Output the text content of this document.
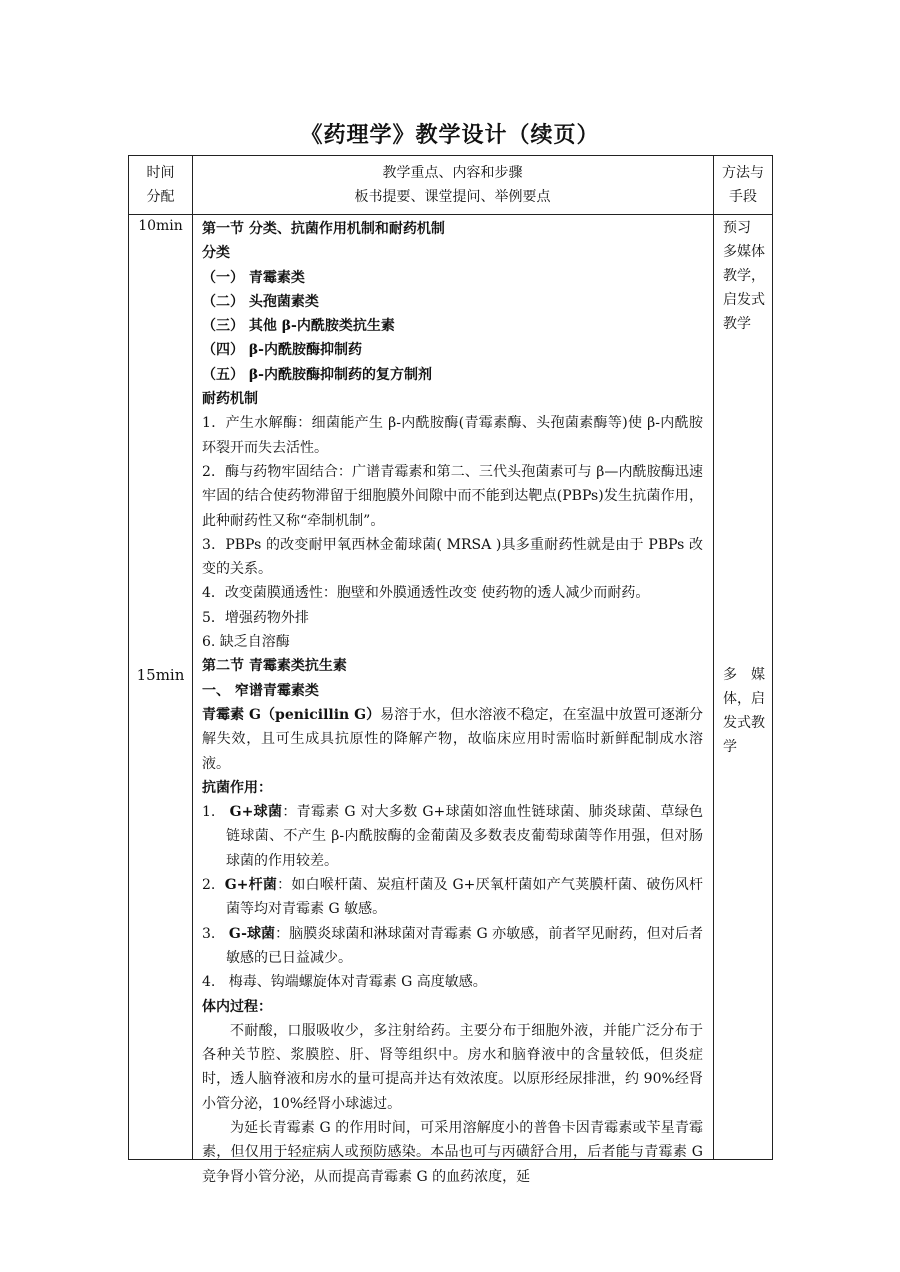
《药理学》教学设计（续页）
时间
分配
教学重点、内容和步骤
板书提要、课堂提问、举例要点
方法与
手段
10min
15min
预习
多媒体
教学，
启发式
教学
多　媒
体，启
发式教
学

第一节 分类、抗菌作用机制和耐药机制

分类

（一） 青霉素类

（二） 头孢菌素类

（三） 其他 β-内酰胺类抗生素

（四） β-内酰胺酶抑制药

（五） β-内酰胺酶抑制药的复方制剂

耐药机制

1．产生水解酶：细菌能产生 β-内酰胺酶(青霉素酶、头孢菌素酶等)使 β-内酰胺环裂开而失去活性。

2．酶与药物牢固结合：广谱青霉素和第二、三代头孢菌素可与 β—内酰胺酶迅速牢固的结合使药物滞留于细胞膜外间隙中而不能到达靶点(PBPs)发生抗菌作用，此种耐药性又称“牵制机制”。

3．PBPs 的改变耐甲氧西林金葡球菌( MRSA )具多重耐药性就是由于 PBPs 改变的关系。

4．改变菌膜通透性：胞壁和外膜通透性改变 使药物的透人减少而耐药。

5．增强药物外排

6. 缺乏自溶酶

第二节 青霉素类抗生素

一、 窄谱青霉素类

青霉素 G（penicillin G）易溶于水，但水溶液不稳定，在室温中放置可逐渐分解失效，且可生成具抗原性的降解产物，故临床应用时需临时新鲜配制成水溶液。

抗菌作用：

1. G+球菌：青霉素 G 对大多数 G+球菌如溶血性链球菌、肺炎球菌、草绿色链球菌、不产生 β-内酰胺酶的金葡菌及多数表皮葡萄球菌等作用强，但对肠球菌的作用较差。

2. G+杆菌：如白喉杆菌、炭疽杆菌及 G+厌氧杆菌如产气荚膜杆菌、破伤风杆菌等均对青霉素 G 敏感。

3. G-球菌：脑膜炎球菌和淋球菌对青霉素 G 亦敏感，前者罕见耐药，但对后者敏感的已日益减少。

4. 梅毒、钩端螺旋体对青霉素 G 高度敏感。

体内过程：

不耐酸，口服吸收少，多注射给药。主要分布于细胞外液，并能广泛分布于各种关节腔、浆膜腔、肝、肾等组织中。房水和脑脊液中的含量较低，但炎症时，透人脑脊液和房水的量可提高并达有效浓度。以原形经尿排泄，约 90%经肾小管分泌，10%经肾小球滤过。

为延长青霉素 G 的作用时间，可采用溶解度小的普鲁卡因青霉素或苄星青霉素，但仅用于轻症病人或预防感染。本品也可与丙磺舒合用，后者能与青霉素 G 竞争肾小管分泌，从而提高青霉素 G 的血药浓度，延
